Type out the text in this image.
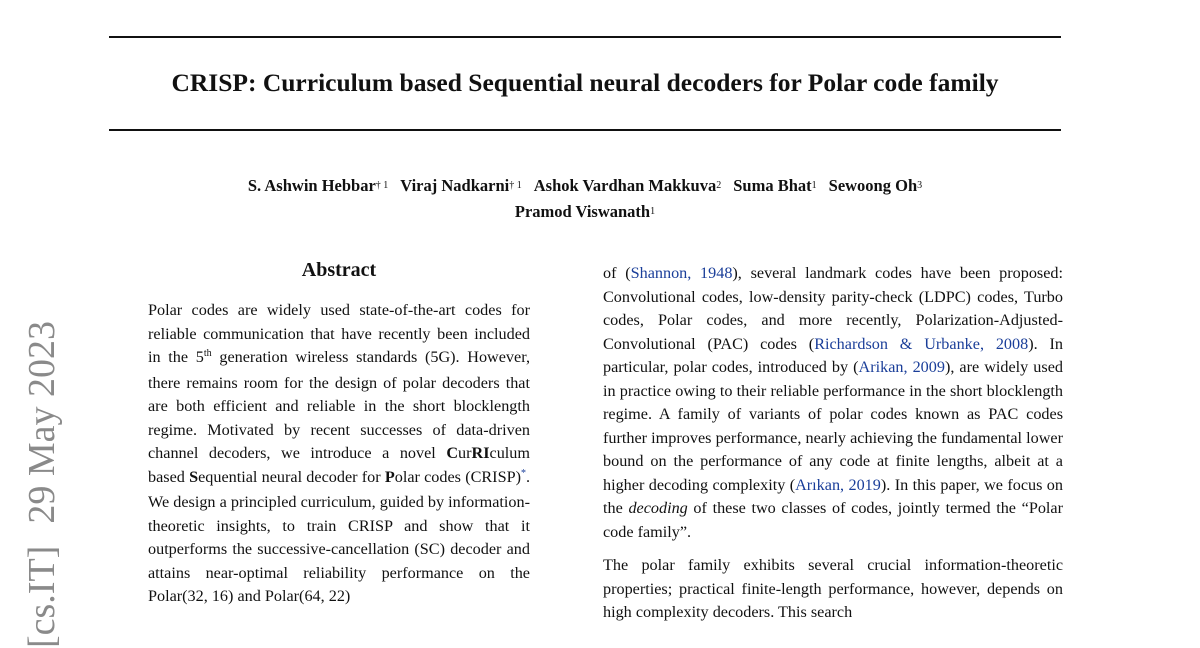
CRISP: Curriculum based Sequential neural decoders for Polar code family
S. Ashwin Hebbar$^{\dagger 1}$ Viraj Nadkarni$^{\dagger 1}$ Ashok Vardhan Makkuva$^2$ Suma Bhat$^1$ Sewoong Oh$^3$
Pramod Viswanath$^1$
[cs.IT]
29 May 2023
Abstract

Polar codes are widely used state-of-the-art codes for reliable communication that have recently been included in the 5th generation wireless standards (5G). However, there remains room for the design of polar decoders that are both efficient and reliable in the short blocklength regime. Motivated by recent successes of data-driven channel decoders, we introduce a novel CurRIculum based Sequential neural decoder for Polar codes (CRISP)*. We design a principled curriculum, guided by information-theoretic insights, to train CRISP and show that it outperforms the successive-cancellation (SC) decoder and attains near-optimal reliability performance on the Polar(32, 16) and Polar(64, 22)

of (Shannon, 1948), several landmark codes have been proposed: Convolutional codes, low-density parity-check (LDPC) codes, Turbo codes, Polar codes, and more recently, Polarization-Adjusted-Convolutional (PAC) codes (Richardson & Urbanke, 2008). In particular, polar codes, introduced by (Arikan, 2009), are widely used in practice owing to their reliable performance in the short blocklength regime. A family of variants of polar codes known as PAC codes further improves performance, nearly achieving the fundamental lower bound on the performance of any code at finite lengths, albeit at a higher decoding complexity (Arıkan, 2019). In this paper, we focus on the decoding of these two classes of codes, jointly termed the “Polar code family”.

The polar family exhibits several crucial information-theoretic properties; practical finite-length performance, however, depends on high complexity decoders. This search
